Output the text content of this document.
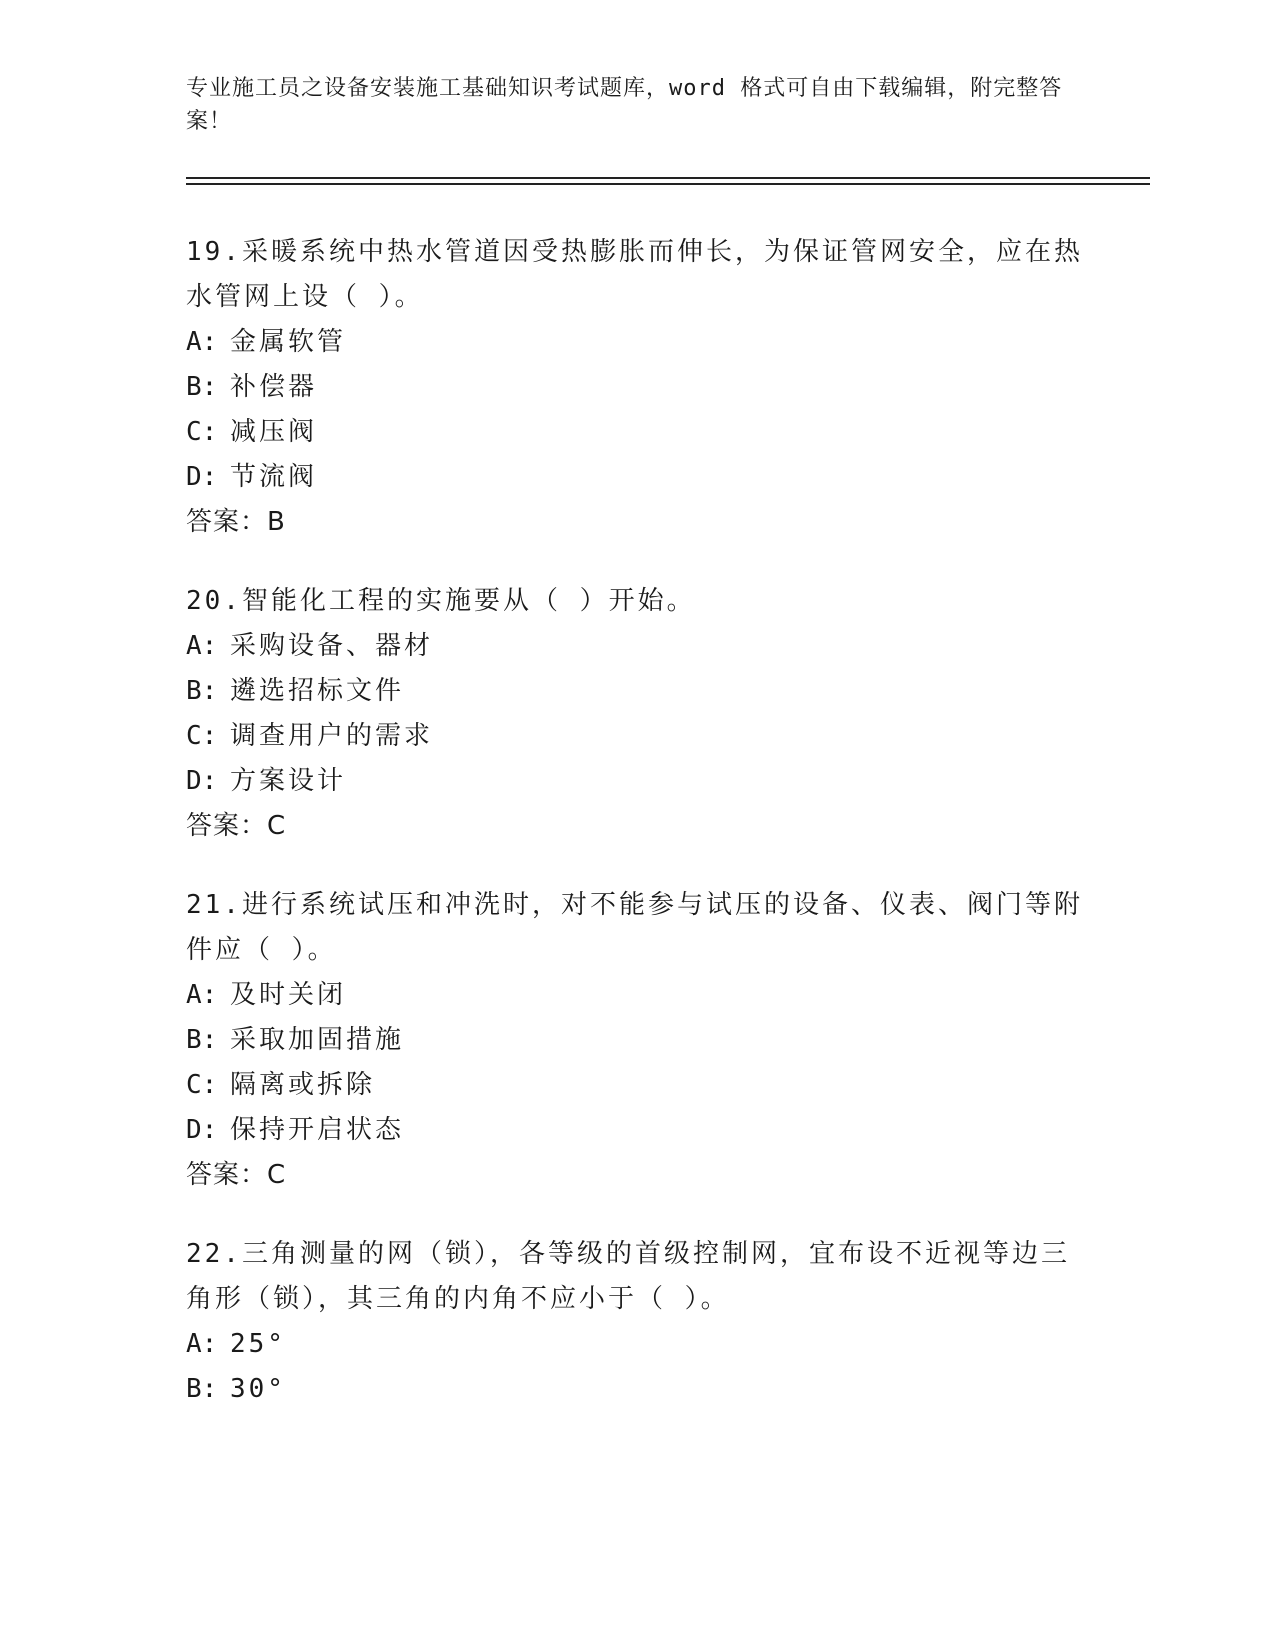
专业施工员之设备安装施工基础知识考试题库，word 格式可自由下载编辑，附完整答案！
19.采暖系统中热水管道因受热膨胀而伸长，为保证管网安全，应在热水管网上设（ ）。
A: 金属软管
B: 补偿器
C: 减压阀
D: 节流阀
答案：B
20.智能化工程的实施要从（ ）开始。
A: 采购设备、器材
B: 遴选招标文件
C: 调查用户的需求
D: 方案设计
答案：C
21.进行系统试压和冲洗时，对不能参与试压的设备、仪表、阀门等附件应（ ）。
A: 及时关闭
B: 采取加固措施
C: 隔离或拆除
D: 保持开启状态
答案：C
22.三角测量的网（锁），各等级的首级控制网，宜布设不近视等边三角形（锁），其三角的内角不应小于（ ）。
A: 25°
B: 30°
